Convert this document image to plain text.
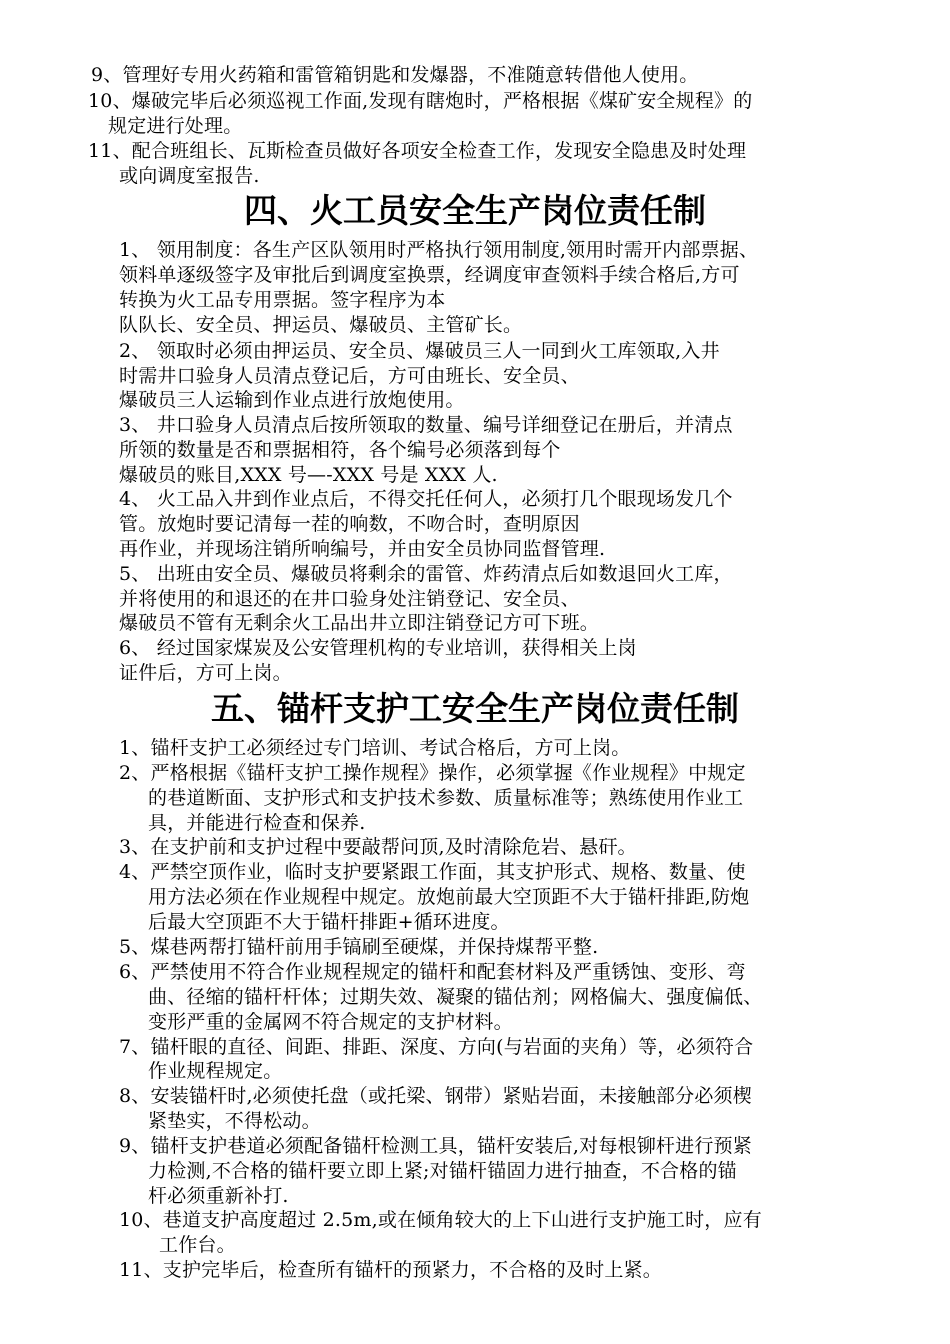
9、管理好专用火药箱和雷管箱钥匙和发爆器，不准随意转借他人使用。
10、爆破完毕后必须巡视工作面,发现有瞎炮时，严格根据《煤矿安全规程》的
规定进行处理。
11、配合班组长、瓦斯检查员做好各项安全检查工作，发现安全隐患及时处理
或向调度室报告.
四、火工员安全生产岗位责任制
1、 领用制度：各生产区队领用时严格执行领用制度,领用时需开内部票据、
领料单逐级签字及审批后到调度室换票，经调度审查领料手续合格后,方可
转换为火工品专用票据。签字程序为本
队队长、安全员、押运员、爆破员、主管矿长。
2、 领取时必须由押运员、安全员、爆破员三人一同到火工库领取,入井
时需井口验身人员清点登记后，方可由班长、安全员、
爆破员三人运输到作业点进行放炮使用。
3、 井口验身人员清点后按所领取的数量、编号详细登记在册后，并清点
所领的数量是否和票据相符，各个编号必须落到每个
爆破员的账目,XXX 号—-XXX 号是 XXX 人.
4、 火工品入井到作业点后，不得交托任何人，必须打几个眼现场发几个
管。放炮时要记清每一茬的响数，不吻合时，查明原因
再作业，并现场注销所响编号，并由安全员协同监督管理.
5、 出班由安全员、爆破员将剩余的雷管、炸药清点后如数退回火工库，
并将使用的和退还的在井口验身处注销登记、安全员、
爆破员不管有无剩余火工品出井立即注销登记方可下班。
6、 经过国家煤炭及公安管理机构的专业培训，获得相关上岗
证件后，方可上岗。
五、锚杆支护工安全生产岗位责任制
1、锚杆支护工必须经过专门培训、考试合格后，方可上岗。
2、严格根据《锚杆支护工操作规程》操作，必须掌握《作业规程》中规定
的巷道断面、支护形式和支护技术参数、质量标准等；熟练使用作业工
具，并能进行检查和保养.
3、在支护前和支护过程中要敲帮问顶,及时清除危岩、悬矸。
4、严禁空顶作业，临时支护要紧跟工作面，其支护形式、规格、数量、使
用方法必须在作业规程中规定。放炮前最大空顶距不大于锚杆排距,防炮
后最大空顶距不大于锚杆排距+循环进度。
5、煤巷两帮打锚杆前用手镐刷至硬煤，并保持煤帮平整.
6、严禁使用不符合作业规程规定的锚杆和配套材料及严重锈蚀、变形、弯
曲、径缩的锚杆杆体；过期失效、凝聚的锚估剂；网格偏大、强度偏低、
变形严重的金属网不符合规定的支护材料。
7、锚杆眼的直径、间距、排距、深度、方向(与岩面的夹角）等，必须符合
作业规程规定。
8、安装锚杆时,必须使托盘（或托梁、钢带）紧贴岩面，未接触部分必须楔
紧垫实，不得松动。
9、锚杆支护巷道必须配备锚杆检测工具，锚杆安装后,对每根铆杆进行预紧
力检测,不合格的锚杆要立即上紧;对锚杆锚固力进行抽查，不合格的锚
杆必须重新补打.
10、巷道支护高度超过 2.5m,或在倾角较大的上下山进行支护施工时，应有
工作台。
11、支护完毕后，检查所有锚杆的预紧力，不合格的及时上紧。
